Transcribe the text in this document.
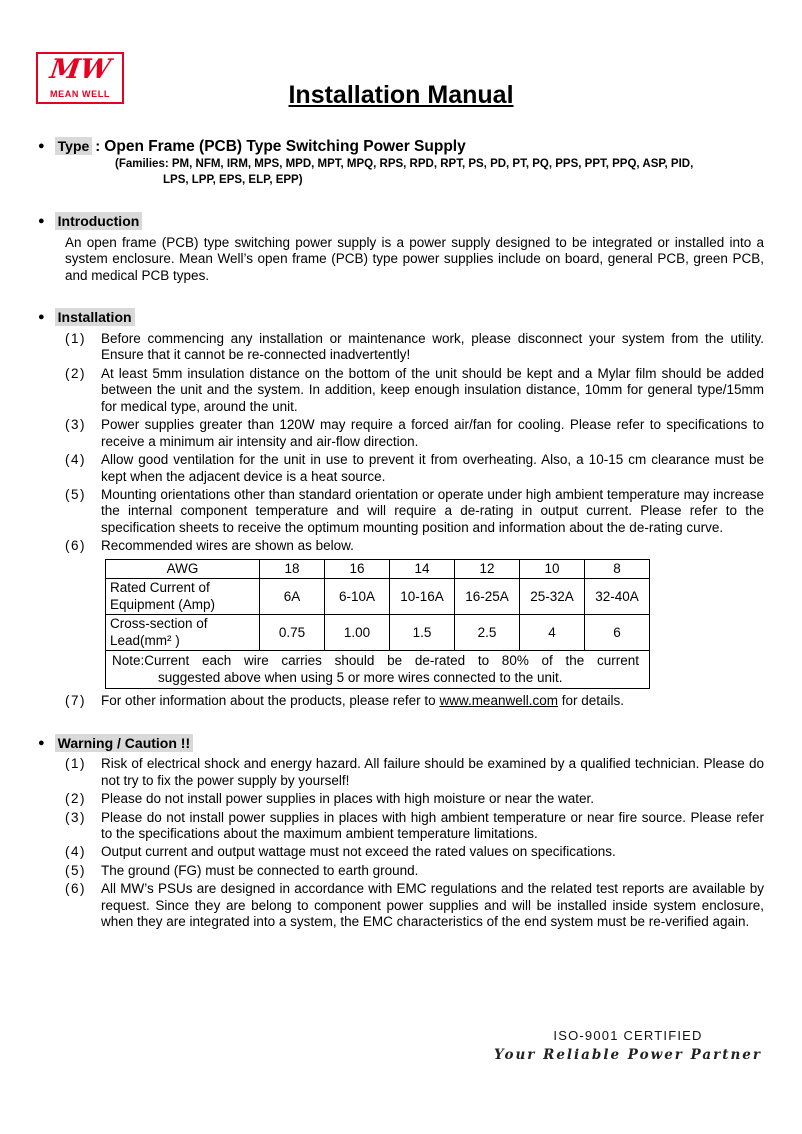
MW
MEAN WELL	Installation Manual
● Type : Open Frame (PCB) Type Switching Power Supply
(Families: PM, NFM, IRM, MPS, MPD, MPT, MPQ, RPS, RPD, RPT, PS, PD, PT, PQ, PPS, PPT, PPQ, ASP, PID,
LPS, LPP, EPS, ELP, EPP)
● Introduction

An open frame (PCB) type switching power supply is a power supply designed to be integrated or installed into a system enclosure. Mean Well’s open frame (PCB) type power supplies include on board, general PCB, green PCB, and medical PCB types.

● Installation
(1) Before commencing any installation or maintenance work, please disconnect your system from the utility. Ensure that it cannot be re-connected inadvertently!
(2) At least 5mm insulation distance on the bottom of the unit should be kept and a Mylar film should be added between the unit and the system. In addition, keep enough insulation distance, 10mm for general type/15mm for medical type, around the unit.
(3) Power supplies greater than 120W may require a forced air/fan for cooling. Please refer to specifications to receive a minimum air intensity and air-flow direction.
(4) Allow good ventilation for the unit in use to prevent it from overheating. Also, a 10-15 cm clearance must be kept when the adjacent device is a heat source.
(5) Mounting orientations other than standard orientation or operate under high ambient temperature may increase the internal component temperature and will require a de-rating in output current. Please refer to the specification sheets to receive the optimum mounting position and information about the de-rating curve.
(6) Recommended wires are shown as below.
AWG	18	16	14	12	10	8
Rated Current of Equipment (Amp)	6A	6-10A	10-16A	16-25A	25-32A	32-40A
Cross-section of Lead(mm² )	0.75	1.00	1.5	2.5	4	6

Note:Current each wire carries should be de-rated to 80% of the current
suggested above when using 5 or more wires connected to the unit.						
(7) For other information about the products, please refer to www.meanwell.com for details.
● Warning / Caution !!
(1) Risk of electrical shock and energy hazard. All failure should be examined by a qualified technician. Please do not try to fix the power supply by yourself!
(2) Please do not install power supplies in places with high moisture or near the water.
(3) Please do not install power supplies in places with high ambient temperature or near fire source. Please refer to the specifications about the maximum ambient temperature limitations.
(4) Output current and output wattage must not exceed the rated values on specifications.
(5) The ground (FG) must be connected to earth ground.
(6) All MW’s PSUs are designed in accordance with EMC regulations and the related test reports are available by request. Since they are belong to component power supplies and will be installed inside system enclosure, when they are integrated into a system, the EMC characteristics of the end system must be re-verified again.
ISO-9001 CERTIFIED
Your Reliable Power Partner
